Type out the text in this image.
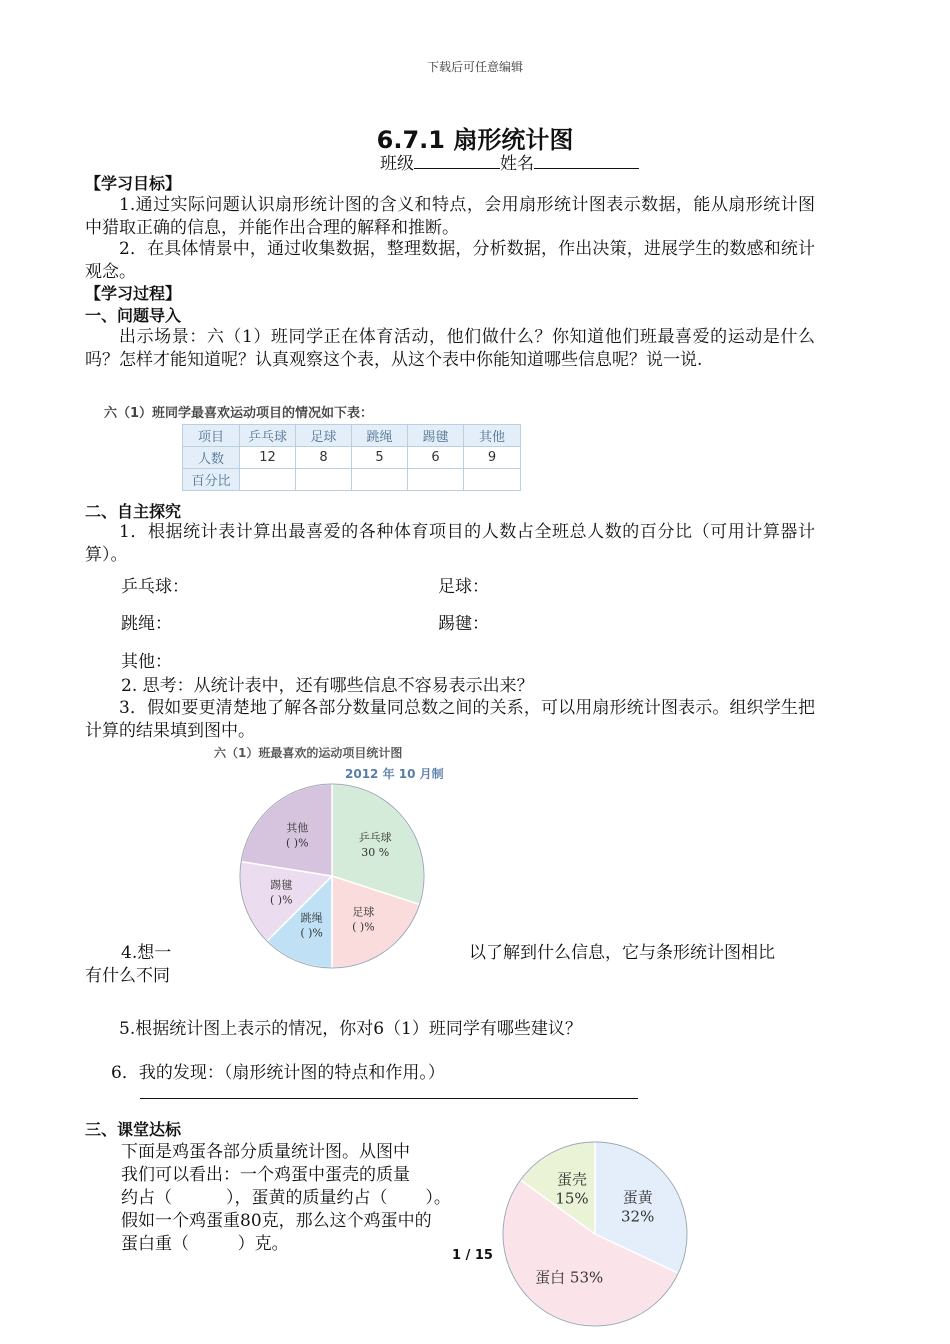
下载后可任意编辑
6.7.1 扇形统计图
班级	姓名
【学习目标】
1.通过实际问题认识扇形统计图的含义和特点，会用扇形统计图表示数据，能从扇形统计图中猎取正确的信息，并能作出合理的解释和推断。
2．在具体情景中，通过收集数据，整理数据，分析数据，作出决策，进展学生的数感和统计观念。
【学习过程】
一、问题导入
出示场景：六（1）班同学正在体育活动，他们做什么？你知道他们班最喜爱的运动是什么吗？怎样才能知道呢？认真观察这个表，从这个表中你能知道哪些信息呢？说一说.
六（1）班同学最喜欢运动项目的情况如下表：
项目	乒乓球	足球	跳绳	踢毽	其他
人数	12	8	5	6	9
百分比					
二、自主探究
1．根据统计表计算出最喜爱的各种体育项目的人数占全班总人数的百分比（可用计算器计算）。
乒乓球：	足球：
跳绳：	踢毽：
其他：
2. 思考：从统计表中，还有哪些信息不容易表示出来？
3．假如要更清楚地了解各部分数量同总数之间的关系，可以用扇形统计图表示。组织学生把计算的结果填到图中。
六（1）班最喜欢的运动项目统计图
2012 年 10 月制
乒乓球
30 %
足球
( )%
跳绳
( )%
踢毽
( )%
其他
( )%
4.想一	以了解到什么信息，它与条形统计图相比
有什么不同
5.根据统计图上表示的情况，你对6（1）班同学有哪些建议？
6．我的发现：（扇形统计图的特点和作用。）
三、课堂达标
下面是鸡蛋各部分质量统计图。从图中
我们可以看出：一个鸡蛋中蛋壳的质量
约占（          ），蛋黄的质量约占（       ）。
假如一个鸡蛋重80克，那么这个鸡蛋中的
蛋白重（         ）克。
蛋黄
32%
蛋白 53%
蛋壳
15%
1 / 15
